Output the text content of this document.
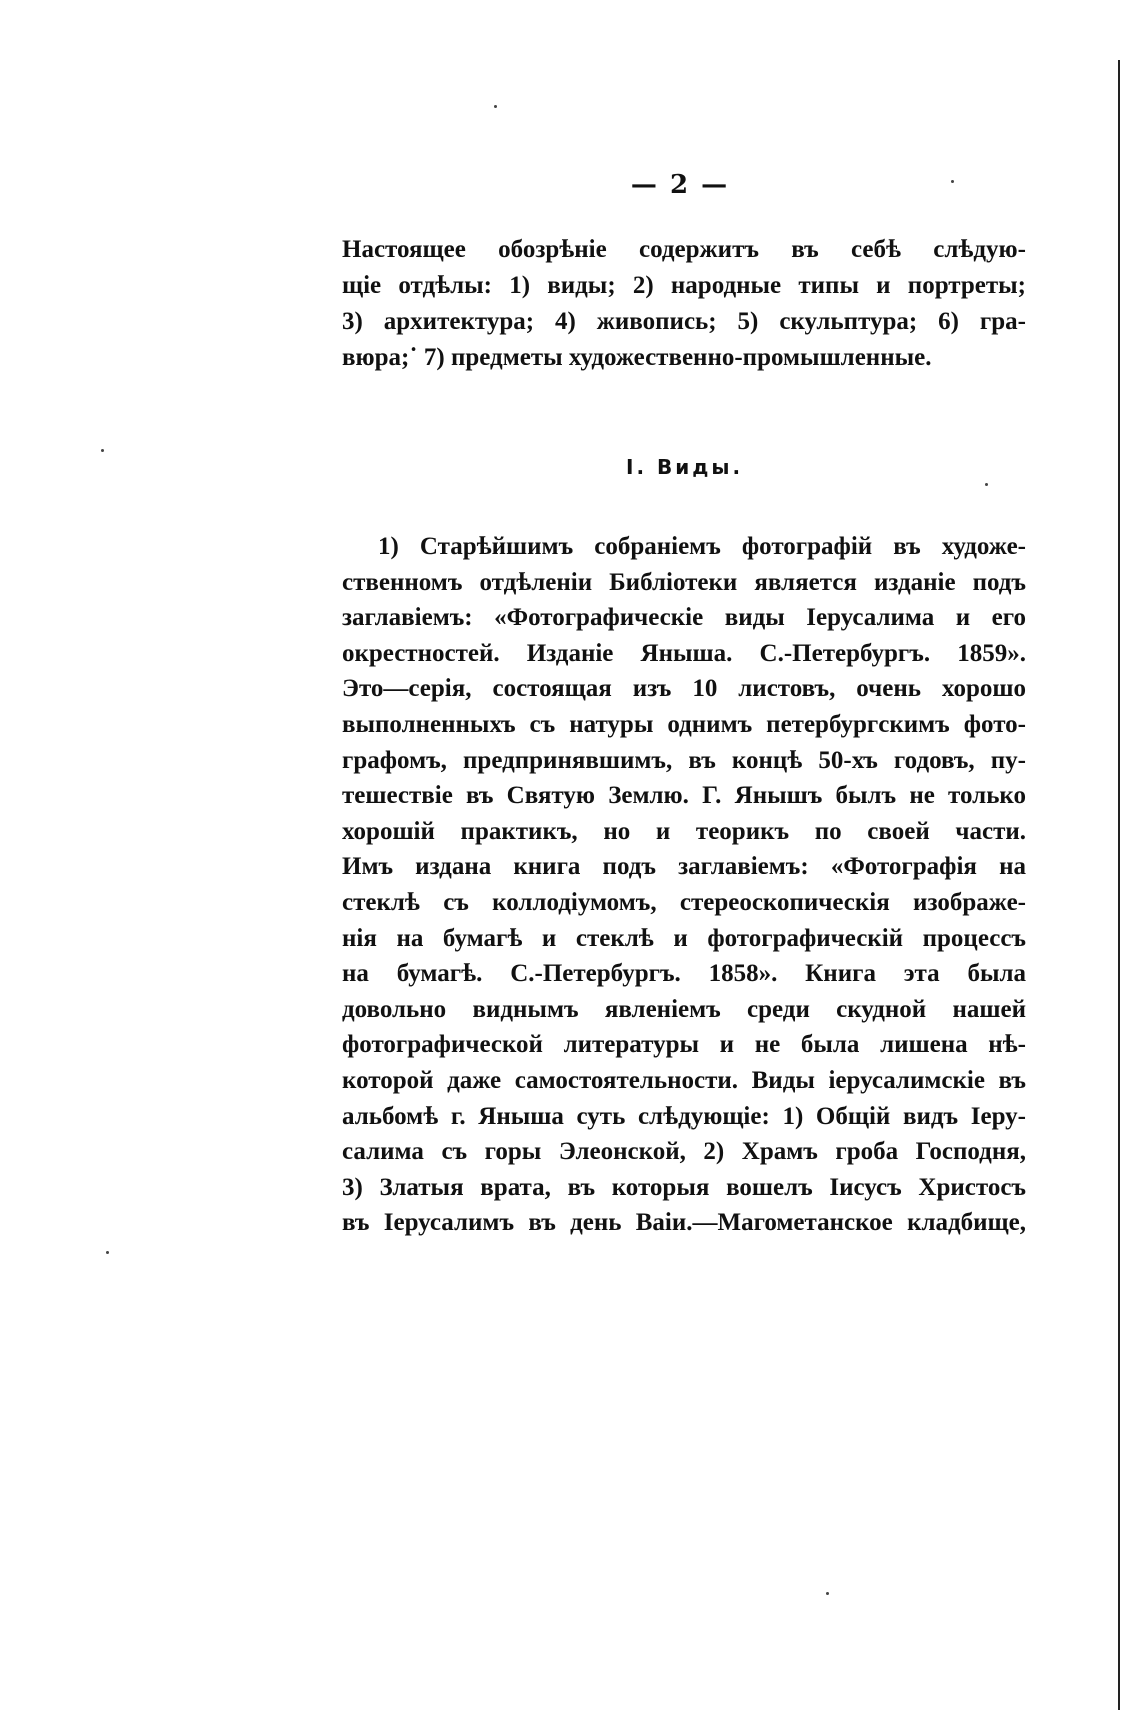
— 2 —
Настоящее обозрѣніе содержитъ въ себѣ слѣдую-
щіе отдѣлы: 1) виды; 2) народные типы и портреты;
3) архитектура; 4) живопись; 5) скульптура; 6) гра-
вюра;˙ 7) предметы художественно-промышленные.
I. Виды.
1) Старѣйшимъ собраніемъ фотографій въ художе-
ственномъ отдѣленіи Библіотеки является изданіе подъ
заглавіемъ: «Фотографическіе виды Іерусалима и его
окрестностей. Изданіе Яныша. С.-Петербургъ. 1859».
Это—серія, состоящая изъ 10 листовъ, очень хорошо
выполненныхъ съ натуры однимъ петербургскимъ фото-
графомъ, предпринявшимъ, въ концѣ 50-хъ годовъ, пу-
тешествіе въ Святую Землю. Г. Янышъ былъ не только
хорошій практикъ, но и теорикъ по своей части.
Имъ издана книга подъ заглавіемъ: «Фотографія на
стеклѣ съ коллодіумомъ, стереоскопическія изображе-
нія на бумагѣ и стеклѣ и фотографическій процессъ
на бумагѣ. С.-Петербургъ. 1858». Книга эта была
довольно виднымъ явленіемъ среди скудной нашей
фотографической литературы и не была лишена нѣ-
которой даже самостоятельности. Виды іерусалимскіе въ
альбомѣ г. Яныша суть слѣдующіе: 1) Общій видъ Іеру-
салима съ горы Элеонской, 2) Храмъ гроба Господня,
3) Златыя врата, въ которыя вошелъ Іисусъ Христосъ
въ Іерусалимъ въ день Ваіи.—Магометанское кладбище,
